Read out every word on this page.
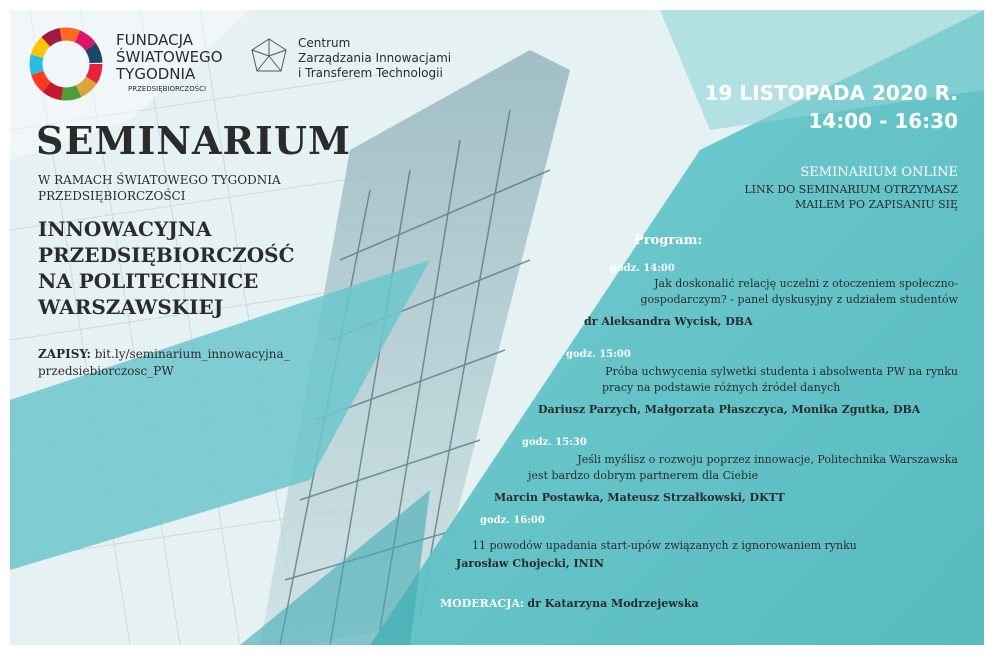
FUNDACJA
ŚWIATOWEGO
TYGODNIA
PRZEDSIĘBIORCZOŚCI
Centrum
Zarządzania Innowacjami
i Transferem Technologii
SEMINARIUM
W RAMACH ŚWIATOWEGO TYGODNIA
PRZEDSIĘBIORCZOŚCI
INNOWACYJNA
PRZEDSIĘBIORCZOŚĆ
NA POLITECHNICE
WARSZAWSKIEJ
ZAPISY: bit.ly/seminarium_innowacyjna_
przedsiebiorczosc_PW
19 LISTOPADA 2020 R.
14:00 - 16:30
SEMINARIUM ONLINE
LINK DO SEMINARIUM OTRZYMASZ
MAILEM PO ZAPISANIU SIĘ
Program:
godz. 14:00
Jak doskonalić relację uczelni z otoczeniem społeczno-
gospodarczym? - panel dyskusyjny z udziałem studentów
dr Aleksandra Wycisk, DBA
godz. 15:00
Próba uchwycenia sylwetki studenta i absolwenta PW na rynku
pracy na podstawie różnych źródeł danych
Dariusz Parzych, Małgorzata Płaszczyca, Monika Zgutka, DBA
godz. 15:30
Jeśli myślisz o rozwoju poprzez innowacje, Politechnika Warszawska
jest bardzo dobrym partnerem dla Ciebie
Marcin Postawka, Mateusz Strzałkowski, DKTT
godz. 16:00
11 powodów upadania start-upów związanych z ignorowaniem rynku
Jarosław Chojecki, ININ
MODERACJA: dr Katarzyna Modrzejewska
